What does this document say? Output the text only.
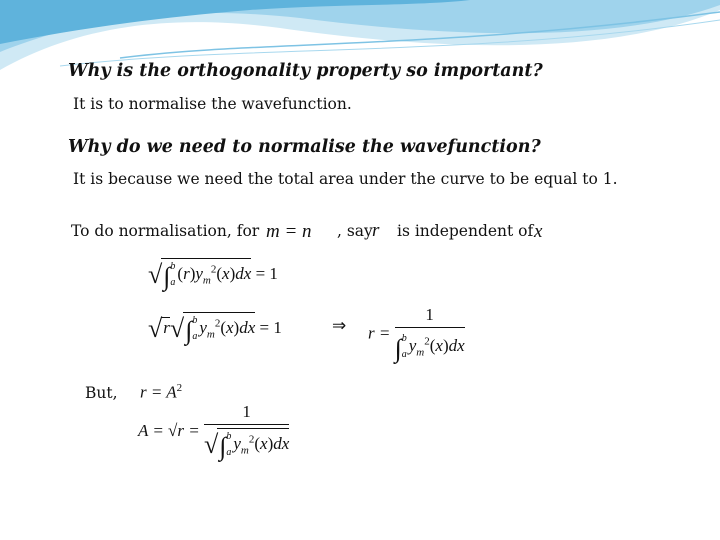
Why is the orthogonality property so important?
It is to normalise the wavefunction.
Why do we need to normalise the wavefunction?
It is because we need the total area under the curve to be equal to 1.
To do normalisation, for m = n , say r is independent of x
√∫ b
a $(r)y_m^2(x)dx = 1$
√r√∫ b
a $y_m^2(x)dx = 1$	⇒ r = 1
∫ b
a $y_m^2(x)dx$
But, $r = A^2$
A = √r = 1
√∫ b
a $y_m^2(x)dx$
